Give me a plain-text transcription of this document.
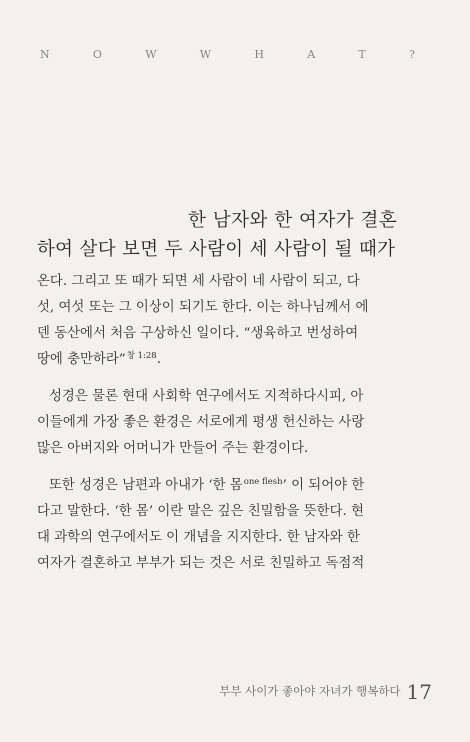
N	O	W	W	H	A	T	?
한 남자와 한 여자가 결혼
하여 살다 보면 두 사람이 세 사람이 될 때가
온다. 그리고 또 때가 되면 세 사람이 네 사람이 되고, 다
섯, 여섯 또는 그 이상이 되기도 한다. 이는 하나님께서 에
덴 동산에서 처음 구상하신 일이다. “생육하고 번성하여
땅에 충만하라”$^{창 1:28}$.
성경은 물론 현대 사회학 연구에서도 지적하다시피, 아
이들에게 가장 좋은 환경은 서로에게 평생 헌신하는 사랑
많은 아버지와 어머니가 만들어 주는 환경이다.
또한 성경은 남편과 아내가 ‘한 몸$^{one flesh}$’ 이 되어야 한
다고 말한다. ‘한 몸’ 이란 말은 깊은 친밀함을 뜻한다. 현
대 과학의 연구에서도 이 개념을 지지한다. 한 남자와 한
여자가 결혼하고 부부가 되는 것은 서로 친밀하고 독점적
부부 사이가 좋아야 자녀가 행복하다 17
